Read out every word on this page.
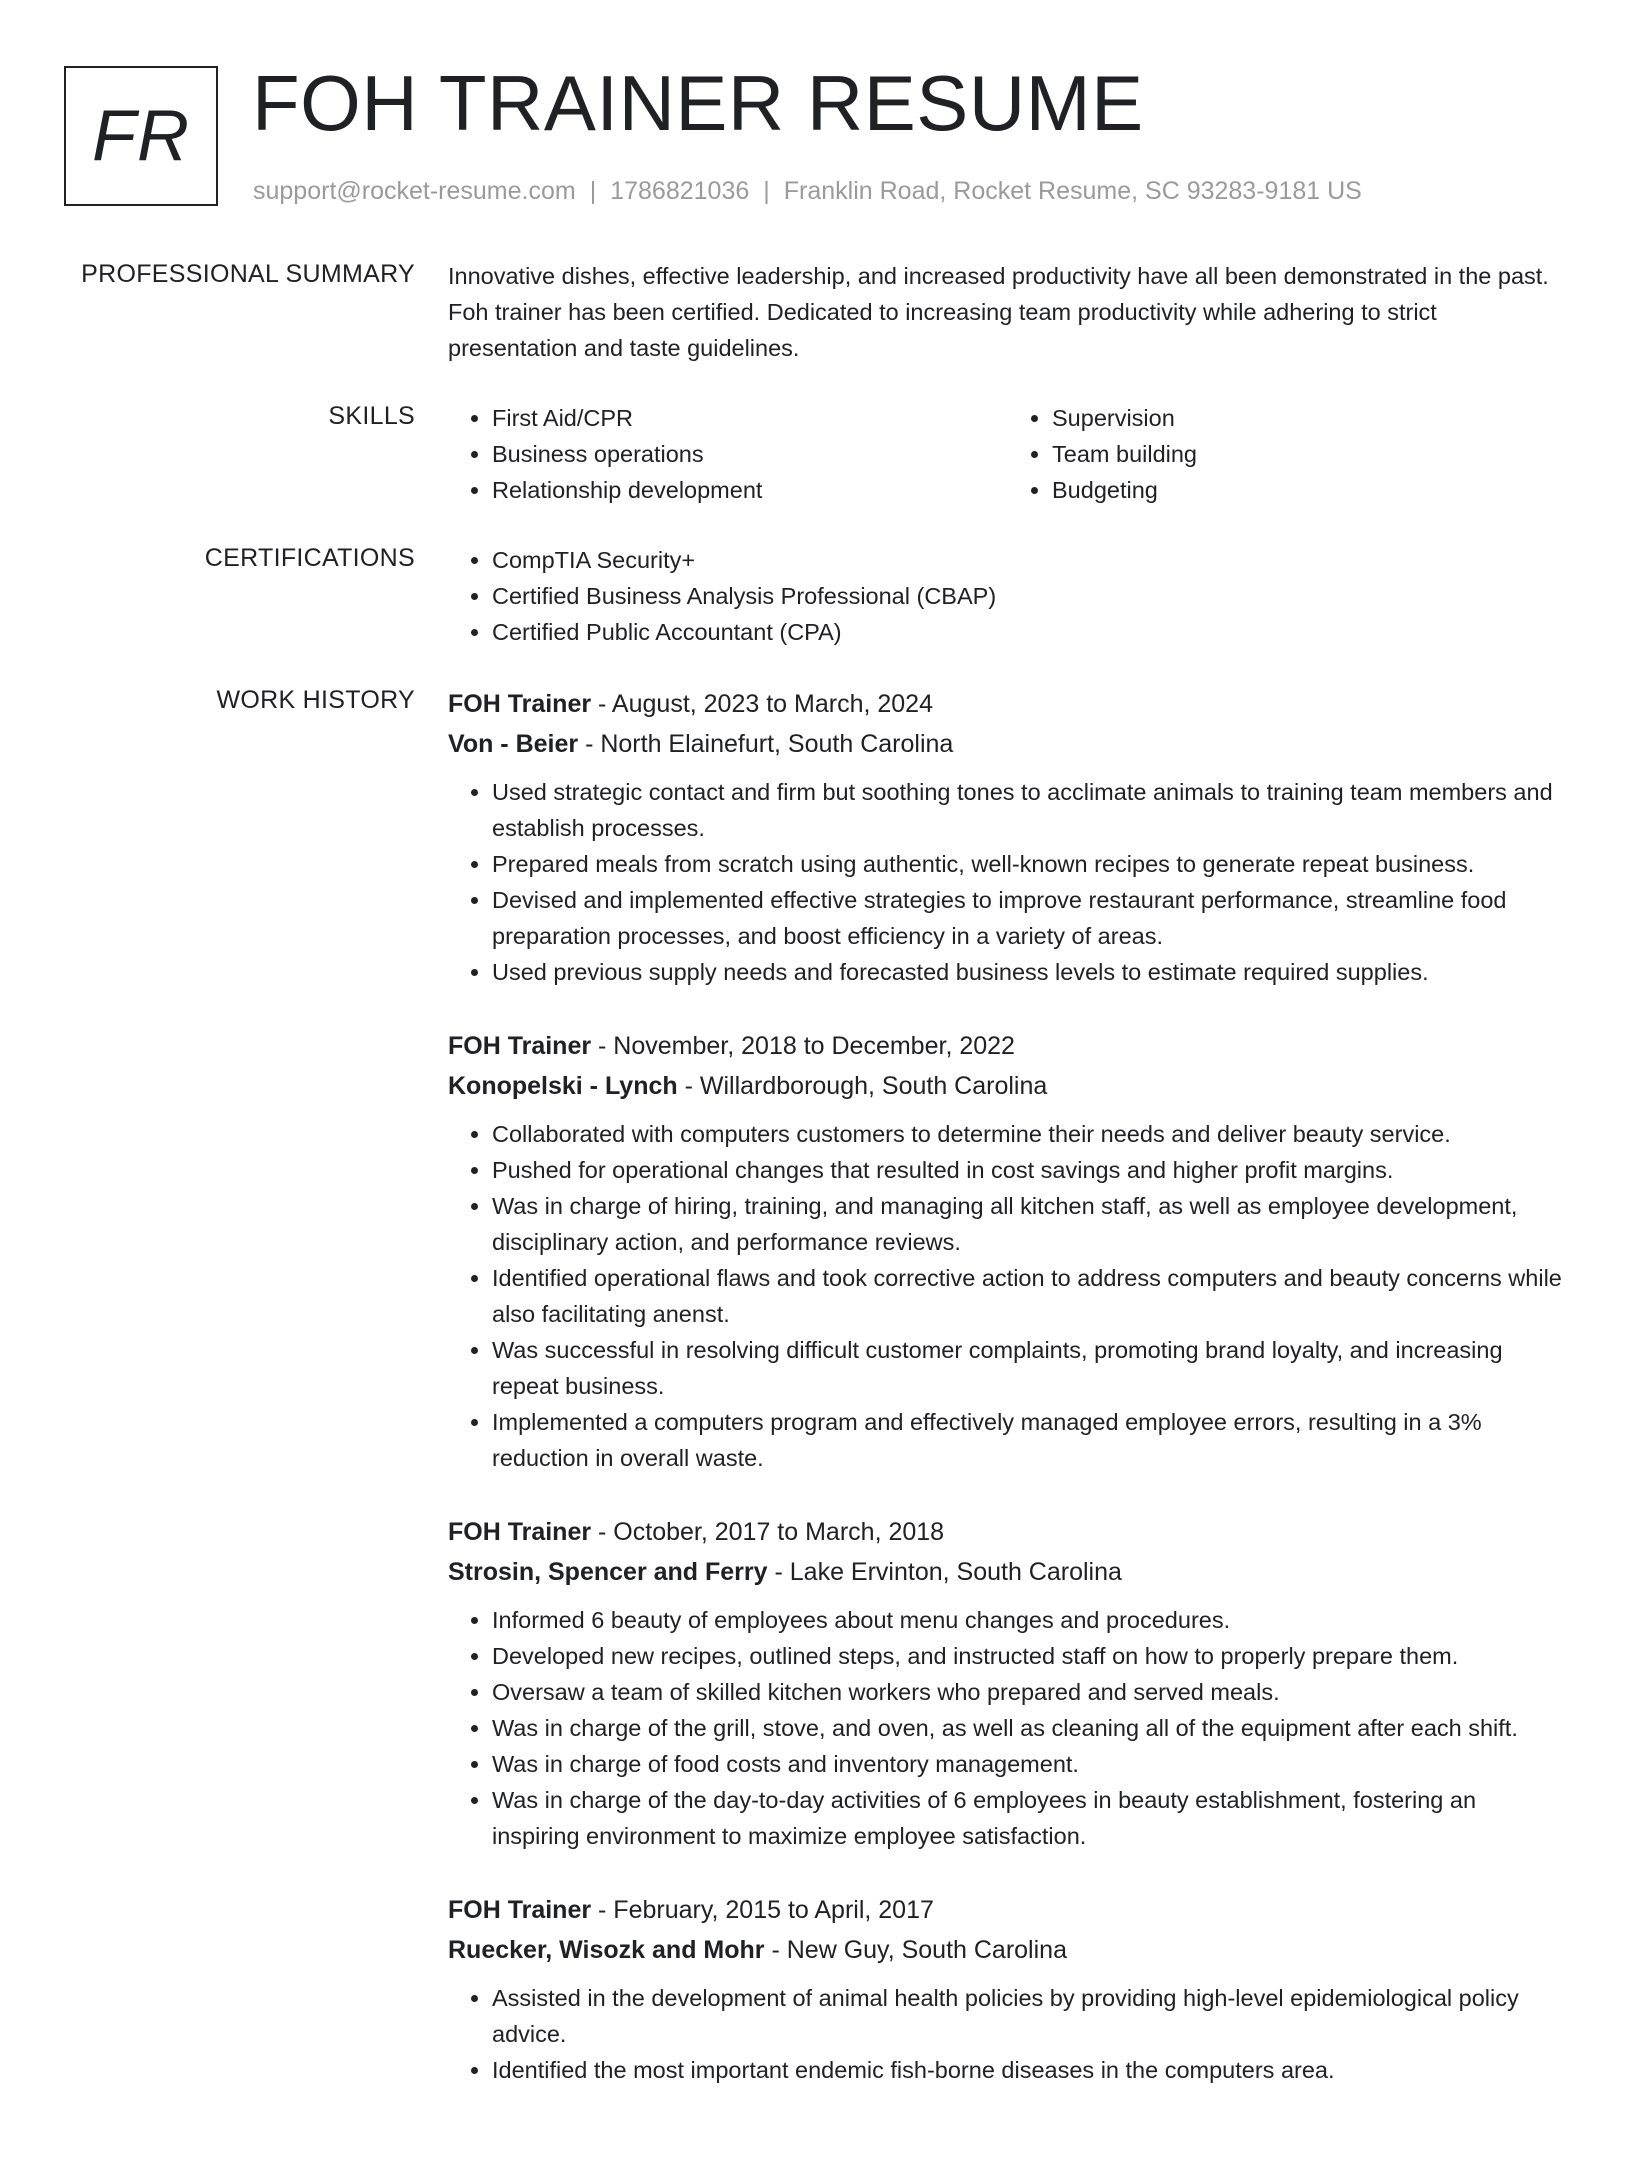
FR FOH TRAINER RESUME
support@rocket-resume.com | 1786821036 | Franklin Road, Rocket Resume, SC 93283-9181 US
PROFESSIONAL SUMMARY Innovative dishes, effective leadership, and increased productivity have all been demonstrated in the past. Foh trainer has been certified. Dedicated to increasing team productivity while adhering to strict presentation and taste guidelines.
SKILLS	• First Aid/CPR
• Business operations
• Relationship development
• Supervision
• Team building
• Budgeting
CERTIFICATIONS	• CompTIA Security+
• Certified Business Analysis Professional (CBAP)
• Certified Public Accountant (CPA)
WORK HISTORY FOH Trainer - August, 2023 to March, 2024
Von - Beier - North Elainefurt, South Carolina
• Used strategic contact and firm but soothing tones to acclimate animals to training team members and establish processes.
• Prepared meals from scratch using authentic, well-known recipes to generate repeat business.
• Devised and implemented effective strategies to improve restaurant performance, streamline food preparation processes, and boost efficiency in a variety of areas.
• Used previous supply needs and forecasted business levels to estimate required supplies.
FOH Trainer - November, 2018 to December, 2022
Konopelski - Lynch - Willardborough, South Carolina
• Collaborated with computers customers to determine their needs and deliver beauty service.
• Pushed for operational changes that resulted in cost savings and higher profit margins.
• Was in charge of hiring, training, and managing all kitchen staff, as well as employee development, disciplinary action, and performance reviews.
• Identified operational flaws and took corrective action to address computers and beauty concerns while also facilitating anenst.
• Was successful in resolving difficult customer complaints, promoting brand loyalty, and increasing repeat business.
• Implemented a computers program and effectively managed employee errors, resulting in a 3% reduction in overall waste.
FOH Trainer - October, 2017 to March, 2018
Strosin, Spencer and Ferry - Lake Ervinton, South Carolina
• Informed 6 beauty of employees about menu changes and procedures.
• Developed new recipes, outlined steps, and instructed staff on how to properly prepare them.
• Oversaw a team of skilled kitchen workers who prepared and served meals.
• Was in charge of the grill, stove, and oven, as well as cleaning all of the equipment after each shift.
• Was in charge of food costs and inventory management.
• Was in charge of the day-to-day activities of 6 employees in beauty establishment, fostering an inspiring environment to maximize employee satisfaction.
FOH Trainer - February, 2015 to April, 2017
Ruecker, Wisozk and Mohr - New Guy, South Carolina
• Assisted in the development of animal health policies by providing high-level epidemiological policy advice.
• Identified the most important endemic fish-borne diseases in the computers area.
